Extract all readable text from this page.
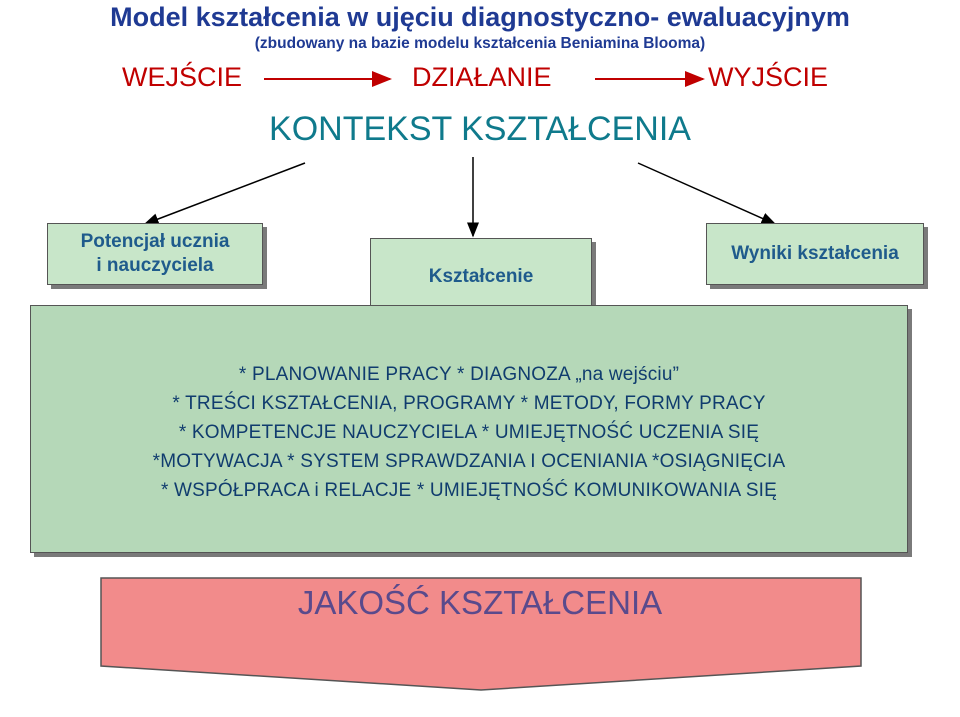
Model kształcenia w ujęciu diagnostyczno- ewaluacyjnym
(zbudowany na bazie modelu kształcenia Beniamina Blooma)
WEJŚCIE	DZIAŁANIE	WYJŚCIE
KONTEKST KSZTAŁCENIA
Potencjał ucznia
i nauczyciela
Kształcenie
Wyniki kształcenia
* PLANOWANIE PRACY * DIAGNOZA „na wejściu”
* TREŚCI KSZTAŁCENIA, PROGRAMY * METODY, FORMY PRACY
* KOMPETENCJE NAUCZYCIELA * UMIEJĘTNOŚĆ UCZENIA SIĘ
*MOTYWACJA * SYSTEM SPRAWDZANIA I OCENIANIA *OSIĄGNIĘCIA
* WSPÓŁPRACA i RELACJE * UMIEJĘTNOŚĆ KOMUNIKOWANIA SIĘ
JAKOŚĆ KSZTAŁCENIA
